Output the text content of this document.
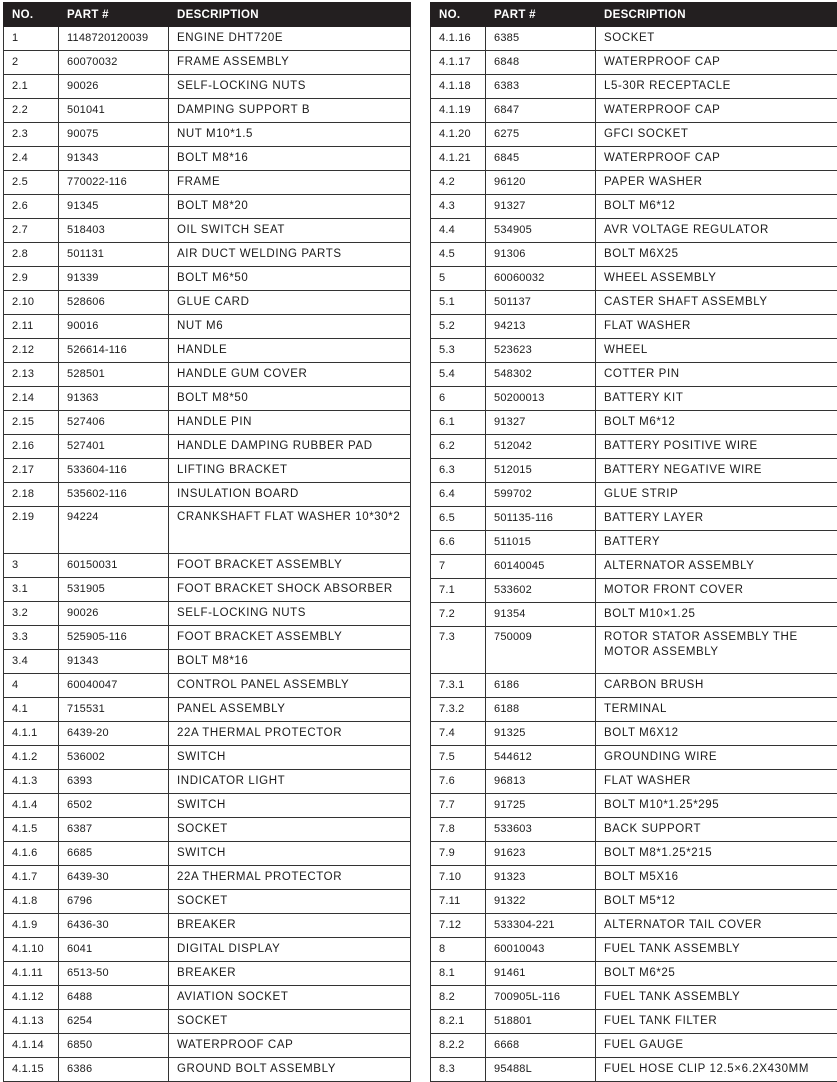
NO.	PART #	DESCRIPTION
1	1148720120039	ENGINE DHT720E
2	60070032	FRAME ASSEMBLY
2.1	90026	SELF-LOCKING NUTS
2.2	501041	DAMPING SUPPORT B
2.3	90075	NUT M10*1.5
2.4	91343	BOLT M8*16
2.5	770022-116	FRAME
2.6	91345	BOLT M8*20
2.7	518403	OIL SWITCH SEAT
2.8	501131	AIR DUCT WELDING PARTS
2.9	91339	BOLT M6*50
2.10	528606	GLUE CARD
2.11	90016	NUT M6
2.12	526614-116	HANDLE
2.13	528501	HANDLE GUM COVER
2.14	91363	BOLT M8*50
2.15	527406	HANDLE PIN
2.16	527401	HANDLE DAMPING RUBBER PAD
2.17	533604-116	LIFTING BRACKET
2.18	535602-116	INSULATION BOARD
2.19	94224	CRANKSHAFT FLAT WASHER 10*30*2
3	60150031	FOOT BRACKET ASSEMBLY
3.1	531905	FOOT BRACKET SHOCK ABSORBER
3.2	90026	SELF-LOCKING NUTS
3.3	525905-116	FOOT BRACKET ASSEMBLY
3.4	91343	BOLT M8*16
4	60040047	CONTROL PANEL ASSEMBLY
4.1	715531	PANEL ASSEMBLY
4.1.1	6439-20	22A THERMAL PROTECTOR
4.1.2	536002	SWITCH
4.1.3	6393	INDICATOR LIGHT
4.1.4	6502	SWITCH
4.1.5	6387	SOCKET
4.1.6	6685	SWITCH
4.1.7	6439-30	22A THERMAL PROTECTOR
4.1.8	6796	SOCKET
4.1.9	6436-30	BREAKER
4.1.10	6041	DIGITAL DISPLAY
4.1.11	6513-50	BREAKER
4.1.12	6488	AVIATION SOCKET
4.1.13	6254	SOCKET
4.1.14	6850	WATERPROOF CAP
4.1.15	6386	GROUND BOLT ASSEMBLY
NO.	PART #	DESCRIPTION
4.1.16	6385	SOCKET
4.1.17	6848	WATERPROOF CAP
4.1.18	6383	L5-30R RECEPTACLE
4.1.19	6847	WATERPROOF CAP
4.1.20	6275	GFCI SOCKET
4.1.21	6845	WATERPROOF CAP
4.2	96120	PAPER WASHER
4.3	91327	BOLT M6*12
4.4	534905	AVR VOLTAGE REGULATOR
4.5	91306	BOLT M6X25
5	60060032	WHEEL ASSEMBLY
5.1	501137	CASTER SHAFT ASSEMBLY
5.2	94213	FLAT WASHER
5.3	523623	WHEEL
5.4	548302	COTTER PIN
6	50200013	BATTERY KIT
6.1	91327	BOLT M6*12
6.2	512042	BATTERY POSITIVE WIRE
6.3	512015	BATTERY NEGATIVE WIRE
6.4	599702	GLUE STRIP
6.5	501135-116	BATTERY LAYER
6.6	511015	BATTERY
7	60140045	ALTERNATOR ASSEMBLY
7.1	533602	MOTOR FRONT COVER
7.2	91354	BOLT M10×1.25
7.3	750009	ROTOR STATOR ASSEMBLY THE MOTOR ASSEMBLY
7.3.1	6186	CARBON BRUSH
7.3.2	6188	TERMINAL
7.4	91325	BOLT M6X12
7.5	544612	GROUNDING WIRE
7.6	96813	FLAT WASHER
7.7	91725	BOLT M10*1.25*295
7.8	533603	BACK SUPPORT
7.9	91623	BOLT M8*1.25*215
7.10	91323	BOLT M5X16
7.11	91322	BOLT M5*12
7.12	533304-221	ALTERNATOR TAIL COVER
8	60010043	FUEL TANK ASSEMBLY
8.1	91461	BOLT M6*25
8.2	700905L-116	FUEL TANK ASSEMBLY
8.2.1	518801	FUEL TANK FILTER
8.2.2	6668	FUEL GAUGE
8.3	95488L	FUEL HOSE CLIP 12.5×6.2X430MM
